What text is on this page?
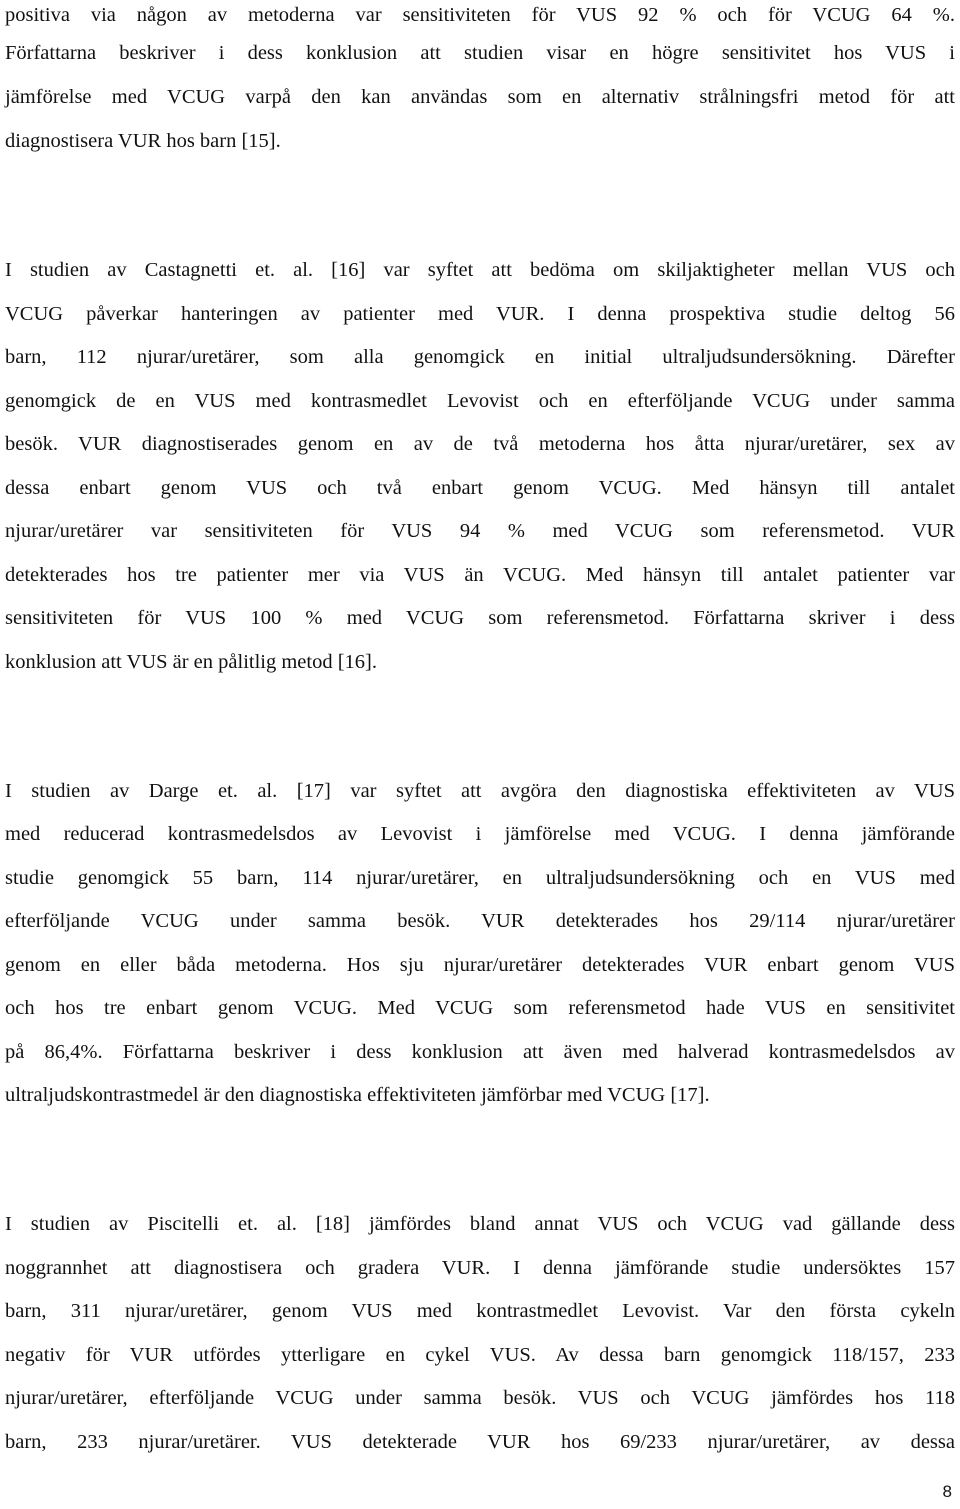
positiva via någon av metoderna var sensitiviteten för VUS 92 % och för VCUG 64 %.
Författarna beskriver i dess konklusion att studien visar en högre sensitivitet hos VUS i
jämförelse med VCUG varpå den kan användas som en alternativ strålningsfri metod för att
diagnostisera VUR hos barn [15].
I studien av Castagnetti et. al. [16] var syftet att bedöma om skiljaktigheter mellan VUS och
VCUG påverkar hanteringen av patienter med VUR. I denna prospektiva studie deltog 56
barn, 112 njurar/uretärer, som alla genomgick en initial ultraljudsundersökning. Därefter
genomgick de en VUS med kontrasmedlet Levovist och en efterföljande VCUG under samma
besök. VUR diagnostiserades genom en av de två metoderna hos åtta njurar/uretärer, sex av
dessa enbart genom VUS och två enbart genom VCUG. Med hänsyn till antalet
njurar/uretärer var sensitiviteten för VUS 94 % med VCUG som referensmetod. VUR
detekterades hos tre patienter mer via VUS än VCUG. Med hänsyn till antalet patienter var
sensitiviteten för VUS 100 % med VCUG som referensmetod. Författarna skriver i dess
konklusion att VUS är en pålitlig metod [16].
I studien av Darge et. al. [17] var syftet att avgöra den diagnostiska effektiviteten av VUS
med reducerad kontrasmedelsdos av Levovist i jämförelse med VCUG. I denna jämförande
studie genomgick 55 barn, 114 njurar/uretärer, en ultraljudsundersökning och en VUS med
efterföljande VCUG under samma besök. VUR detekterades hos 29/114 njurar/uretärer
genom en eller båda metoderna. Hos sju njurar/uretärer detekterades VUR enbart genom VUS
och hos tre enbart genom VCUG. Med VCUG som referensmetod hade VUS en sensitivitet
på 86,4%. Författarna beskriver i dess konklusion att även med halverad kontrasmedelsdos av
ultraljudskontrastmedel är den diagnostiska effektiviteten jämförbar med VCUG [17].
I studien av Piscitelli et. al. [18] jämfördes bland annat VUS och VCUG vad gällande dess
noggrannhet att diagnostisera och gradera VUR. I denna jämförande studie undersöktes 157
barn, 311 njurar/uretärer, genom VUS med kontrastmedlet Levovist. Var den första cykeln
negativ för VUR utfördes ytterligare en cykel VUS. Av dessa barn genomgick 118/157, 233
njurar/uretärer, efterföljande VCUG under samma besök. VUS och VCUG jämfördes hos 118
barn, 233 njurar/uretärer. VUS detekterade VUR hos 69/233 njurar/uretärer, av dessa
8
